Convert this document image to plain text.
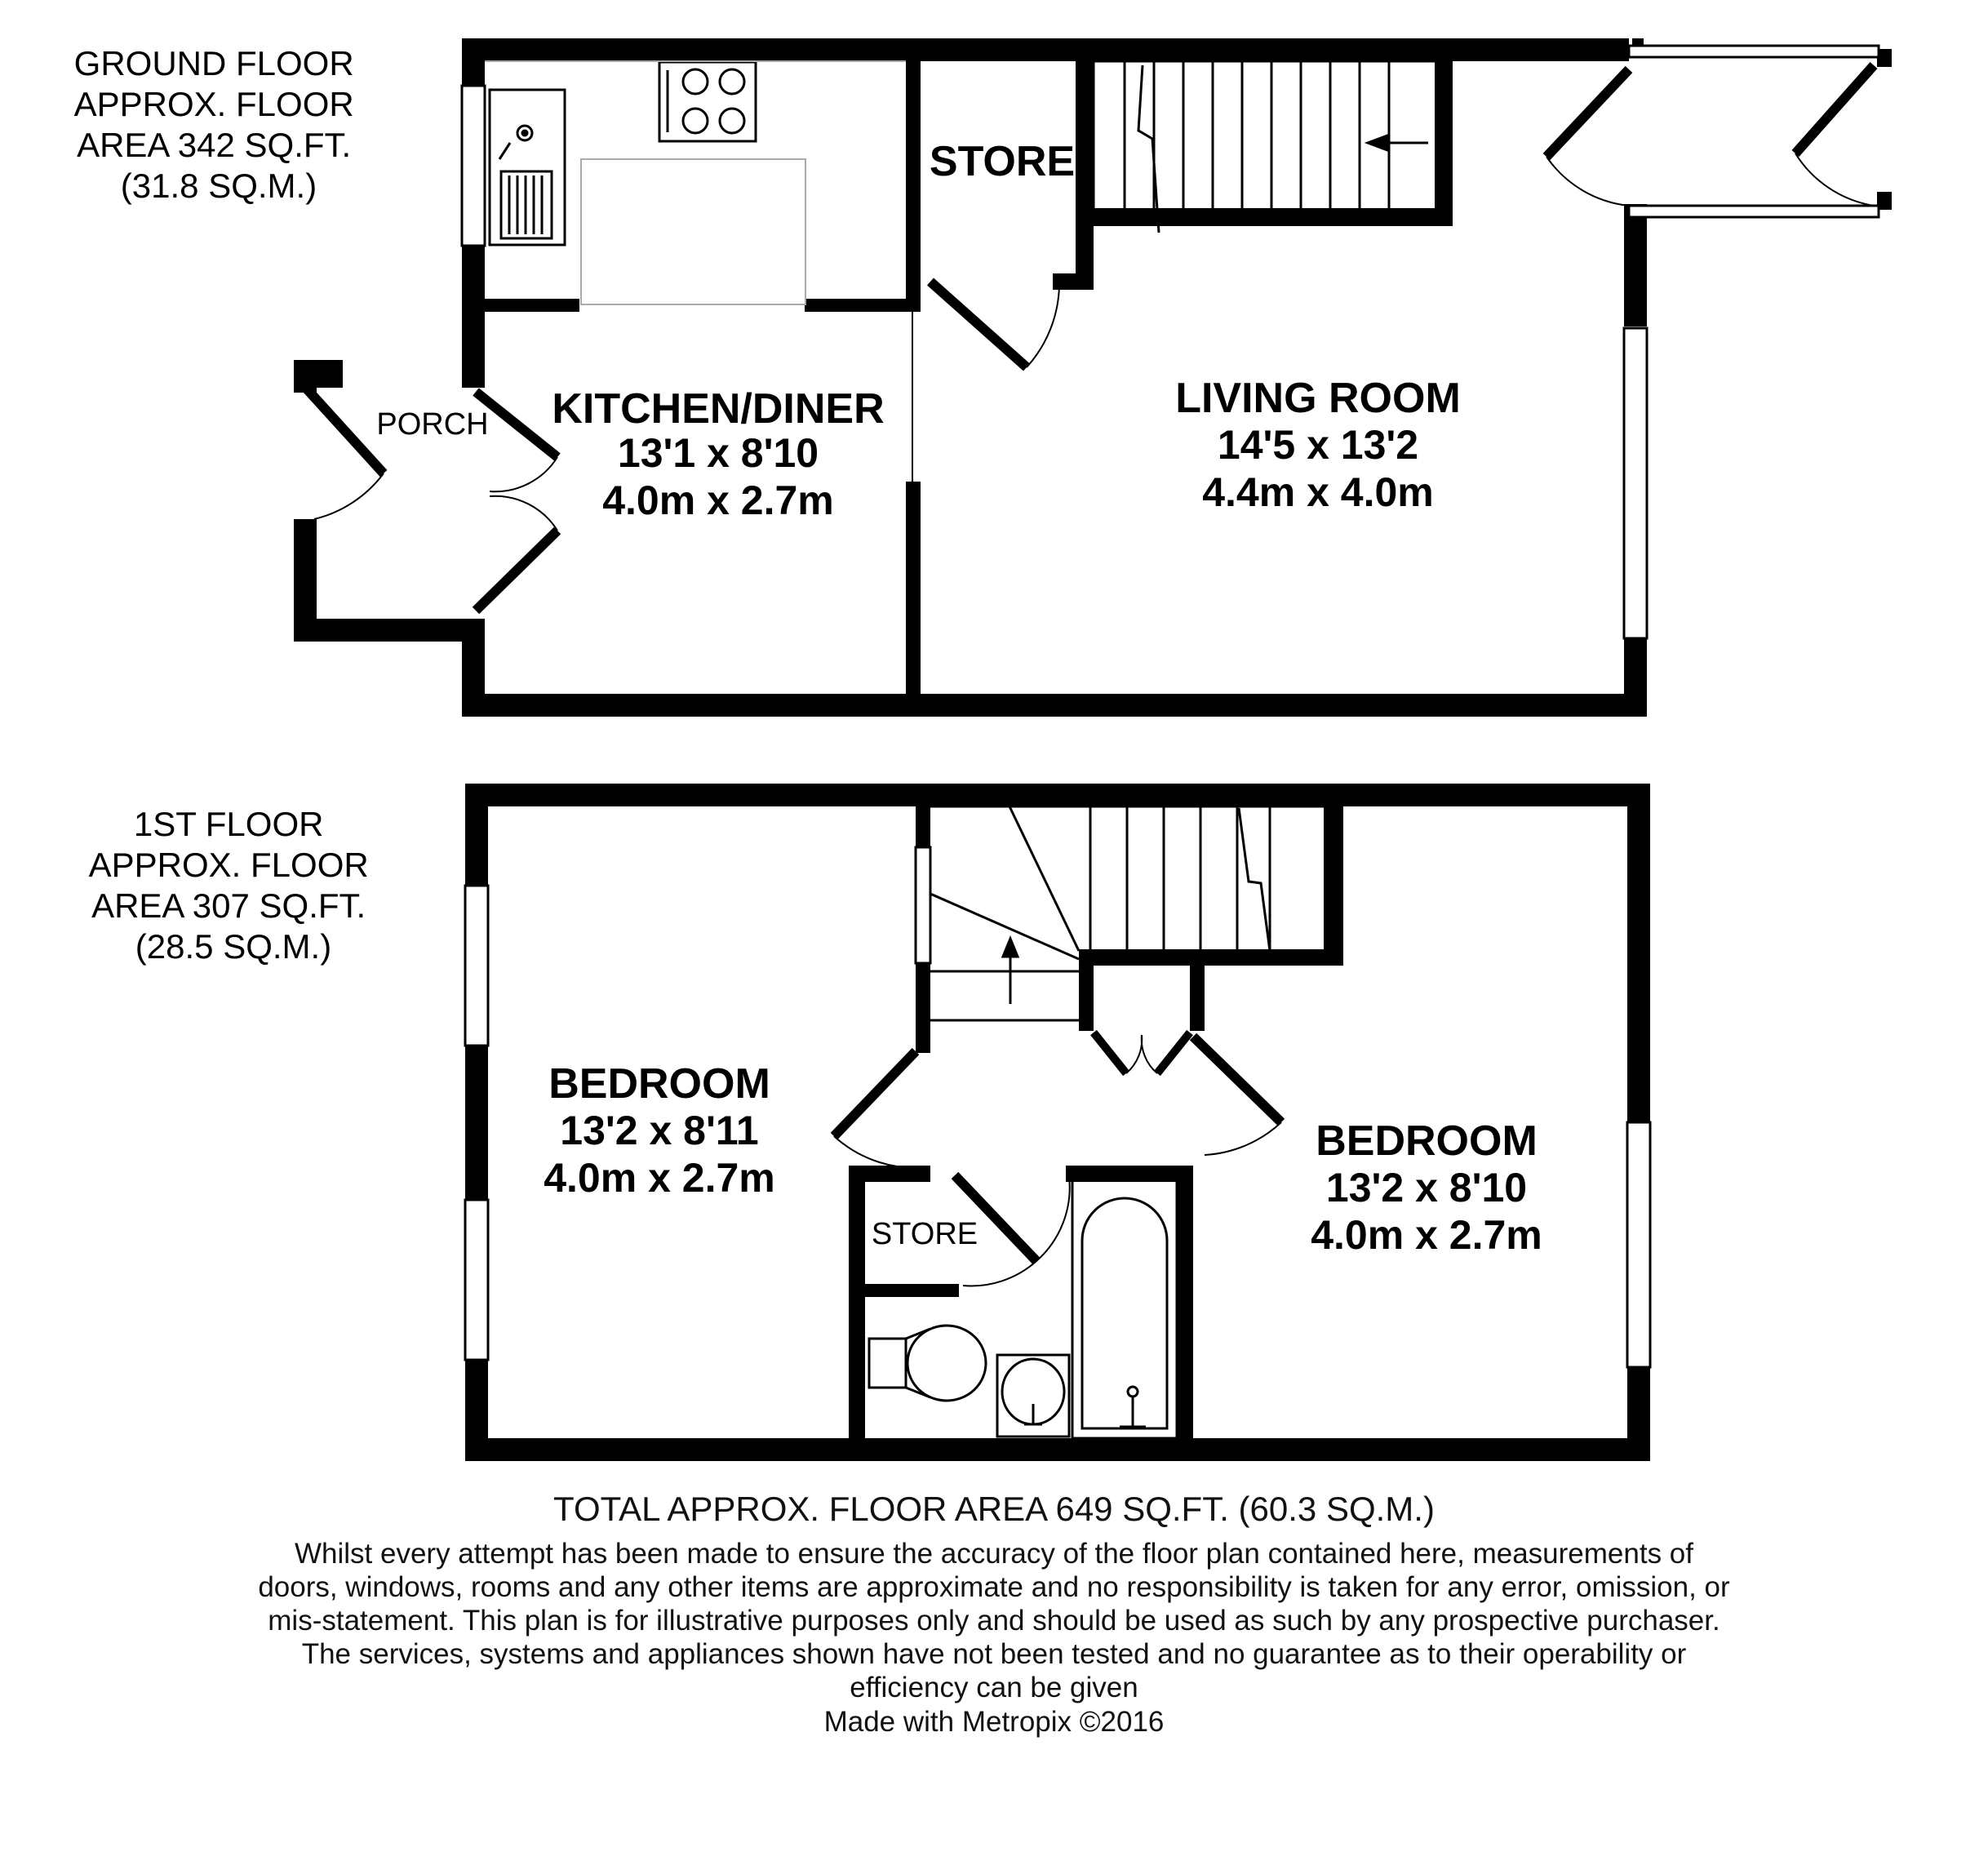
GROUND FLOOR APPROX. FLOOR AREA 342 SQ.FT. (31.8 SQ.M.)
KITCHEN/DINER
13'1 x 8'10
4.0m x 2.7m
LIVING ROOM
14'5 x 13'2
4.4m x 4.0m
STORE
PORCH
1ST FLOOR APPROX. FLOOR AREA 307 SQ.FT. (28.5 SQ.M.)
BEDROOM
13'2 x 8'11
4.0m x 2.7m
BEDROOM
13'2 x 8'10
4.0m x 2.7m
STORE
TOTAL APPROX. FLOOR AREA 649 SQ.FT. (60.3 SQ.M.)
Whilst every attempt has been made to ensure the accuracy of the floor plan contained here, measurements of doors, windows, rooms and any other items are approximate and no responsibility is taken for any error, omission, or mis-statement. This plan is for illustrative purposes only and should be used as such by any prospective purchaser. The services, systems and appliances shown have not been tested and no guarantee as to their operability or efficiency can be given
Made with Metropix ©2016
